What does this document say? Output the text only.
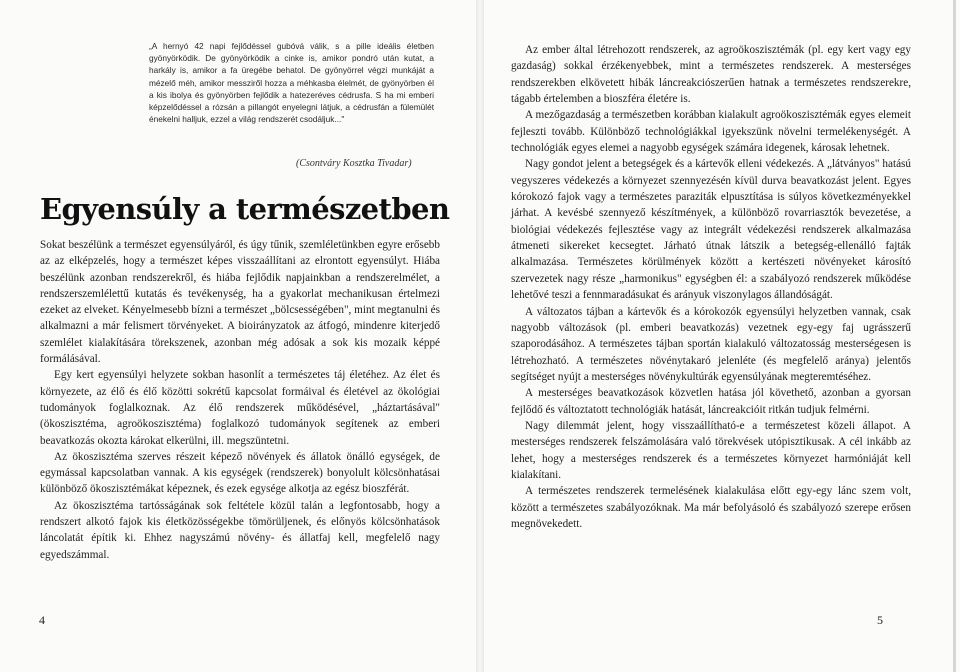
„A hernyó 42 napi fejlődéssel gubóvá válik, s a pille ideális életben gyönyörködik. De gyönyörködik a cinke is, amikor pondró után kutat, a harkály is, amikor a fa üregébe behatol. De gyönyörrel végzi munkáját a mézelő méh, amikor messziről hozza a méhkasba élelmét, de gyönyörben él a kis ibolya és gyönyörben fejlődik a hatezeréves cédrusfa. S ha mi emberi képzelődéssel a rózsán a pillangót enyelegni látjuk, a cédrusfán a fülemülét énekelni halljuk, ezzel a világ rendszerét csodáljuk..."

(Csontváry Kosztka Tivadar)

Egyensúly a természetben

Sokat beszélünk a természet egyensúlyáról, és úgy tűnik, szemléletünkben egyre erősebb az az elképzelés, hogy a természet képes visszaállítani az elrontott egyensúlyt. Hiába beszélünk azonban rendszerekről, és hiába fejlődik napjainkban a rendszerelmélet, a rendszerszemlélettű kutatás és tevékenység, ha a gyakorlat mechanikusan értelmezi ezeket az elveket. Kényelmesebb bízni a természet „bölcsességében", mint megtanulni és alkalmazni a már felismert törvényeket. A bioirányzatok az átfogó, mindenre kiterjedő szemlélet kialakítására törekszenek, azonban még adósak a sok kis mozaik képpé formálásával.

Egy kert egyensúlyi helyzete sokban hasonlít a természetes táj életéhez. Az élet és környezete, az élő és élő közötti sokrétű kapcsolat formáival és életével az ökológiai tudományok foglalkoznak. Az élő rendszerek működésével, „háztartásával" (ökoszisztéma, agroökoszisztéma) foglalkozó tudományok segítenek az emberi beavatkozás okozta károkat elkerülni, ill. megszüntetni.

Az ökoszisztéma szerves részeit képező növények és állatok önálló egységek, de egymással kapcsolatban vannak. A kis egységek (rendszerek) bonyolult kölcsönhatásai különböző ökoszisztémákat képeznek, és ezek egysége alkotja az egész bioszférát.

Az ökoszisztéma tartósságának sok feltétele közül talán a legfontosabb, hogy a rendszert alkotó fajok kis életközösségekbe tömörüljenek, és előnyös kölcsönhatások láncolatát építik ki. Ehhez nagyszámú növény- és állatfaj kell, megfelelő nagy egyedszámmal.

4

Az ember által létrehozott rendszerek, az agroökoszisztémák (pl. egy kert vagy egy gazdaság) sokkal érzékenyebbek, mint a természetes rendszerek. A mesterséges rendszerekben elkövetett hibák láncreakciószerűen hatnak a természetes rendszerekre, tágabb értelemben a bioszféra életére is.

A mezőgazdaság a természetben korábban kialakult agroökoszisztémák egyes elemeit fejleszti tovább. Különböző technológiákkal igyekszünk növelni termelékenységét. A technológiák egyes elemei a nagyobb egységek számára idegenek, károsak lehetnek.

Nagy gondot jelent a betegségek és a kártevők elleni védekezés. A „látványos" hatású vegyszeres védekezés a környezet szennyezésén kívül durva beavatkozást jelent. Egyes kórokozó fajok vagy a természetes paraziták elpusztítása is súlyos következményekkel járhat. A kevésbé szennyező készítmények, a különböző rovarriasztók bevezetése, a biológiai védekezés fejlesztése vagy az integrált védekezési rendszerek alkalmazása átmeneti sikereket kecsegtet. Járható útnak látszik a betegség-ellenálló fajták alkalmazása. Természetes körülmények között a kertészeti növényeket károsító szervezetek nagy része „harmonikus" egységben él: a szabályozó rendszerek működése lehetővé teszi a fennmaradásukat és arányuk viszonylagos állandóságát.

A változatos tájban a kártevők és a kórokozók egyensúlyi helyzetben vannak, csak nagyobb változások (pl. emberi beavatkozás) vezetnek egy-egy faj ugrásszerű szaporodásához. A természetes tájban sportán kialakuló változatosság mesterségesen is létrehozható. A természetes növénytakaró jelenléte (és megfelelő aránya) jelentős segítséget nyújt a mesterséges növénykultúrák egyensúlyának megteremtéséhez.

A mesterséges beavatkozások közvetlen hatása jól követhető, azonban a gyorsan fejlődő és változtatott technológiák hatását, láncreakcióit ritkán tudjuk felmérni.

Nagy dilemmát jelent, hogy visszaállítható-e a természetest közeli állapot. A mesterséges rendszerek felszámolására való törekvések utópisztikusak. A cél inkább az lehet, hogy a mesterséges rendszerek és a természetes környezet harmóniáját kell kialakítani.

A természetes rendszerek termelésének kialakulása előtt egy-egy lánc szem volt, között a természetes szabályozóknak. Ma már befolyásoló és szabályozó szerepe erősen megnövekedett.

5
